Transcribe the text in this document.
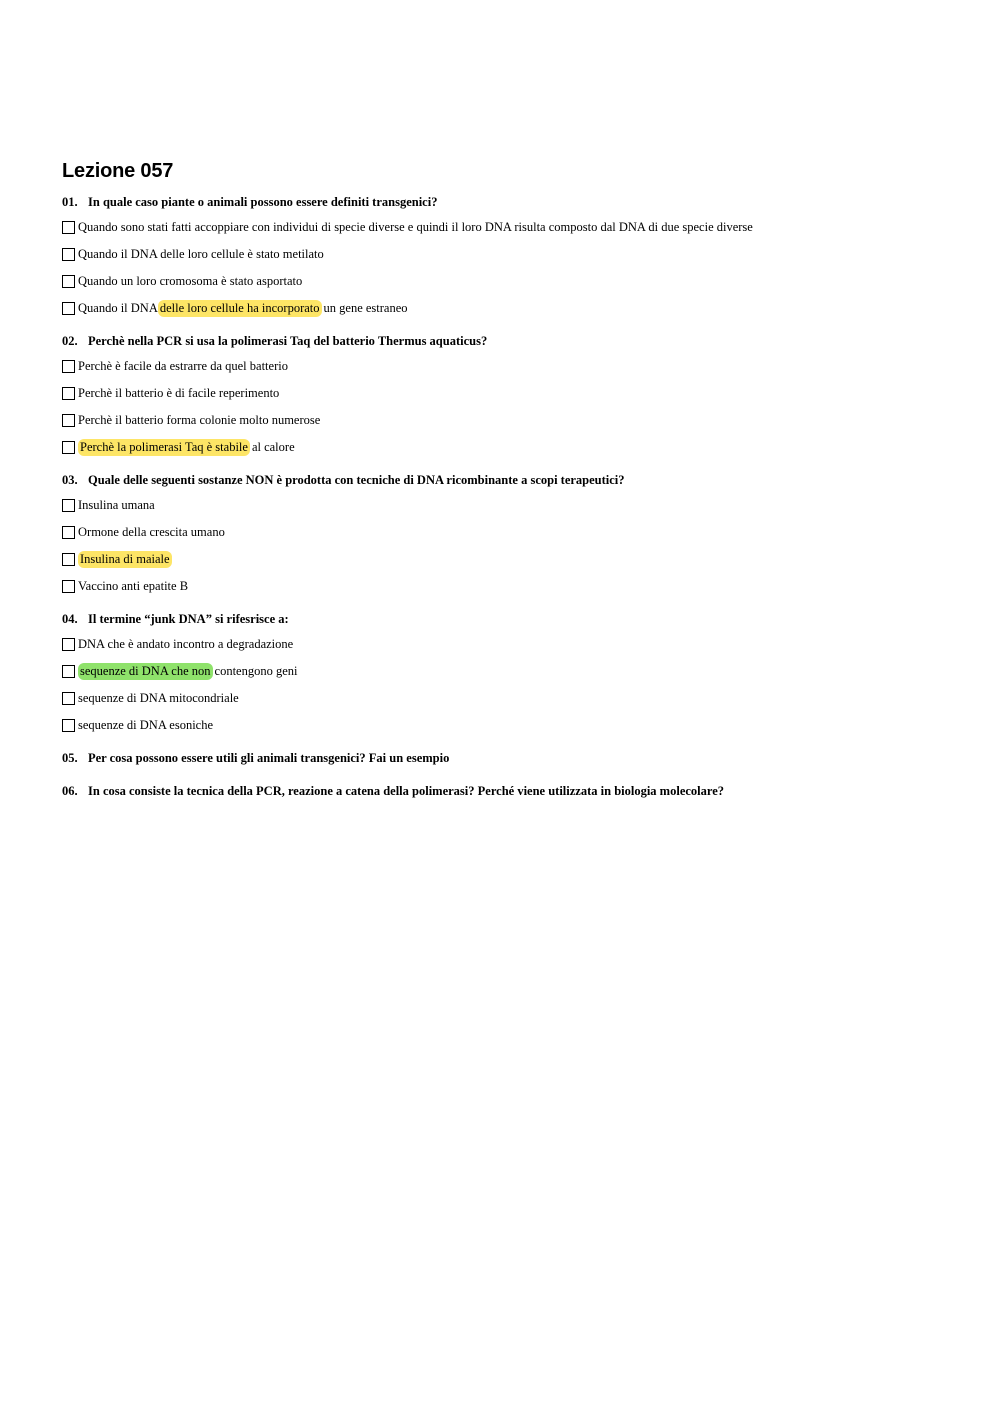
Lezione 057
01. In quale caso piante o animali possono essere definiti transgenici?
Quando sono stati fatti accoppiare con individui di specie diverse e quindi il loro DNA risulta composto dal DNA di due specie diverse
Quando il DNA delle loro cellule è stato metilato
Quando un loro cromosoma è stato asportato
Quando il DNA delle loro cellule ha incorporato un gene estraneo
02. Perchè nella PCR si usa la polimerasi Taq del batterio Thermus aquaticus?
Perchè è facile da estrarre da quel batterio
Perchè il batterio è di facile reperimento
Perchè il batterio forma colonie molto numerose
Perchè la polimerasi Taq è stabile al calore
03. Quale delle seguenti sostanze NON è prodotta con tecniche di DNA ricombinante a scopi terapeutici?
Insulina umana
Ormone della crescita umano
Insulina di maiale
Vaccino anti epatite B
04. Il termine “junk DNA” si rifesrisce a:
DNA che è andato incontro a degradazione
sequenze di DNA che non contengono geni
sequenze di DNA mitocondriale
sequenze di DNA esoniche
05. Per cosa possono essere utili gli animali transgenici? Fai un esempio
06. In cosa consiste la tecnica della PCR, reazione a catena della polimerasi? Perché viene utilizzata in biologia molecolare?
